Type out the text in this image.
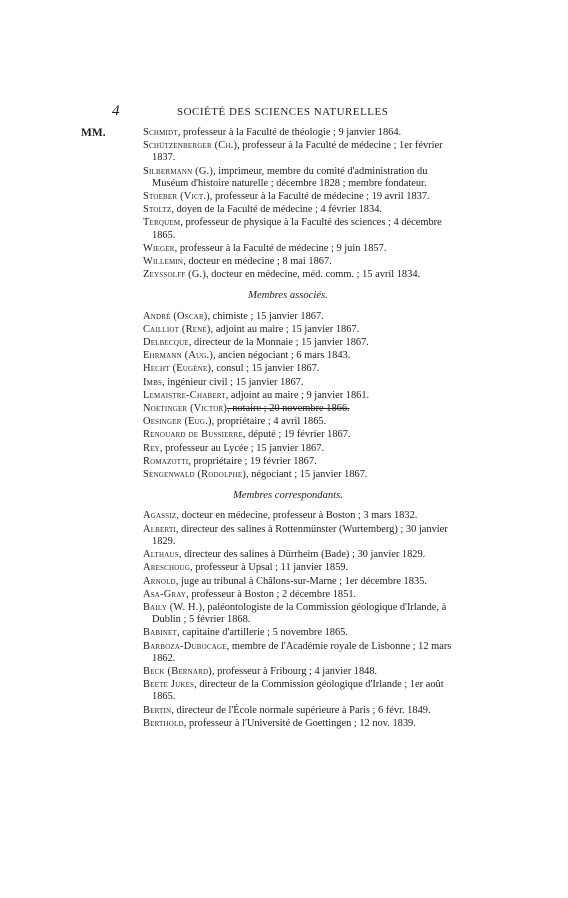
4	SOCIÉTÉ DES SCIENCES NATURELLES
MM.	Schmidt, professeur à la Faculté de théologie ; 9 janvier 1864.
Schützenberger (Ch.), professeur à la Faculté de médecine ; 1er février 1837.
Silbermann (G.), imprimeur, membre du comité d'administration du Muséum d'histoire naturelle ; décembre 1828 ; membre fondateur.
Stoeber (Vict.), professeur à la Faculté de médecine ; 19 avril 1837.
Stoltz, doyen de la Faculté de médecine ; 4 février 1834.
Terquem, professeur de physique à la Faculté des sciences ; 4 décembre 1865.
Wieger, professeur à la Faculté de médecine ; 9 juin 1857.
Willemin, docteur en médecine ; 8 mai 1867.
Zeyssolff (G.), docteur en médecine, méd. comm. ; 15 avril 1834.
Membres associés.
André (Oscar), chimiste ; 15 janvier 1867.
Cailliot (René), adjoint au maire ; 15 janvier 1867.
Delbecque, directeur de la Monnaie ; 15 janvier 1867.
Ehrmann (Aug.), ancien négociant ; 6 mars 1843.
Hecht (Eugène), consul ; 15 janvier 1867.
Imbs, ingénieur civil ; 15 janvier 1867.
Lemaistre-Chabert, adjoint au maire ; 9 janvier 1861.
Noetinger (Victor), notaire ; 20 novembre 1866.
Oesinger (Eug.), propriétaire ; 4 avril 1865.
Renouard de Bussierre, député ; 19 février 1867.
Rey, professeur au Lycée ; 15 janvier 1867.
Romazotti, propriétaire ; 19 février 1867.
Sengenwald (Rodolphe), négociant ; 15 janvier 1867.
Membres correspondants.
Agassiz, docteur en médecine, professeur à Boston ; 3 mars 1832.
Alberti, directeur des salines à Rottenmünster (Wurtemberg) ; 30 janvier 1829.
Althaus, directeur des salines à Dürrheim (Bade) ; 30 janvier 1829.
Areschoug, professeur à Upsal ; 11 janvier 1859.
Arnold, juge au tribunal à Châlons-sur-Marne ; 1er décembre 1835.
Asa-Gray, professeur à Boston ; 2 décembre 1851.
Baily (W. H.), paléontologiste de la Commission géologique d'Irlande, à Dublin ; 5 février 1868.
Babinet, capitaine d'artillerie ; 5 novembre 1865.
Barboza-Dubocage, membre de l'Académie royale de Lisbonne ; 12 mars 1862.
Beck (Bernard), professeur à Fribourg ; 4 janvier 1848.
Beete Jukes, directeur de la Commission géologique d'Irlande ; 1er août 1865.
Bertin, directeur de l'École normale supérieure à Paris ; 6 févr. 1849.
Berthold, professeur à l'Université de Goettingen ; 12 nov. 1839.
